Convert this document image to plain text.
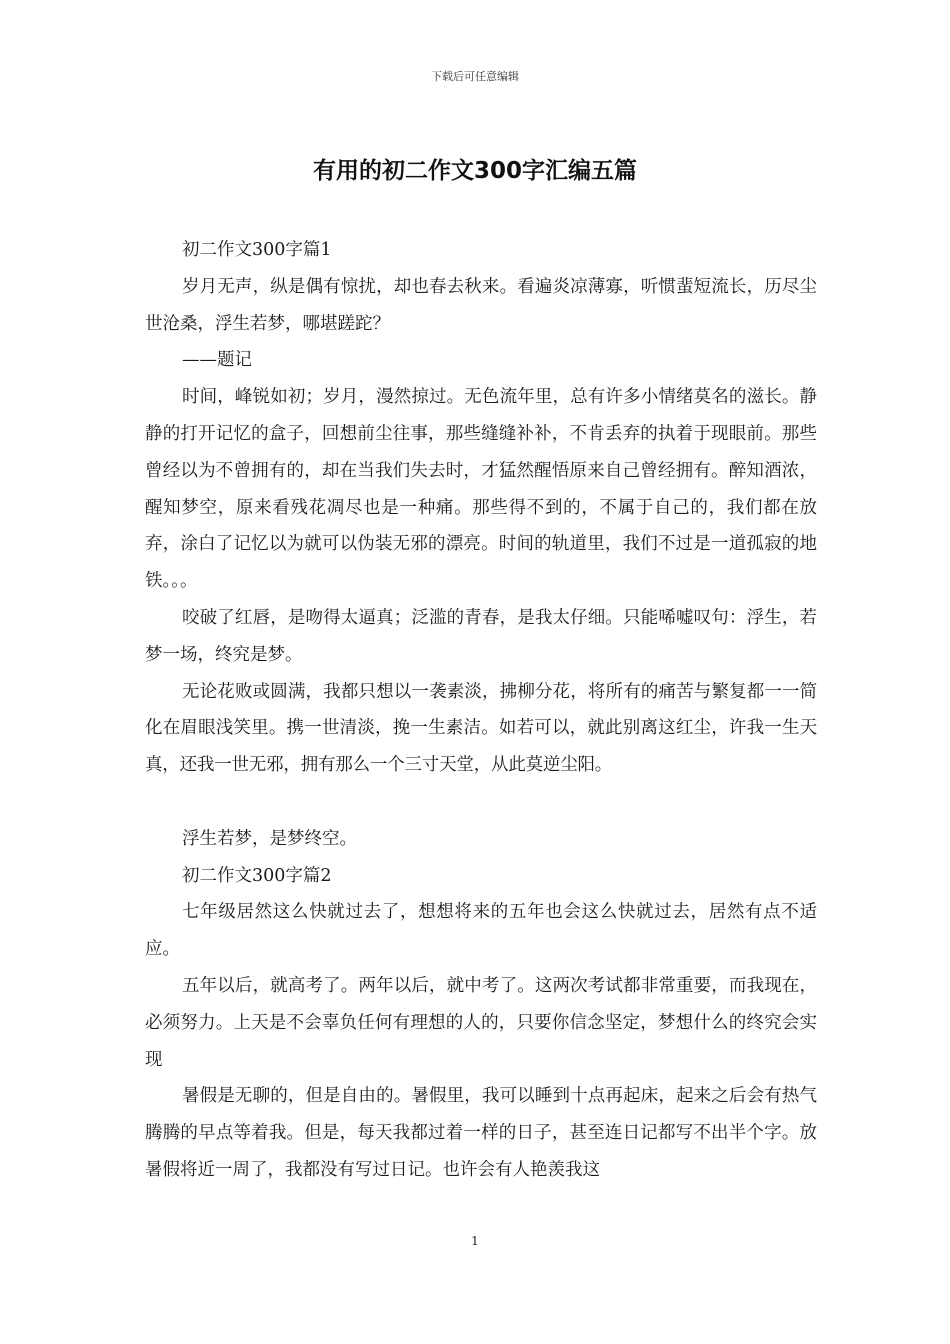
下载后可任意编辑
有用的初二作文300字汇编五篇

初二作文300字篇1

岁月无声，纵是偶有惊扰，却也春去秋来。看遍炎凉薄寡，听惯蜚短流长，历尽尘世沧桑，浮生若梦，哪堪蹉跎？

——题记

时间，峰锐如初；岁月，漫然掠过。无色流年里，总有许多小情绪莫名的滋长。静静的打开记忆的盒子，回想前尘往事，那些缝缝补补，不肯丢弃的执着于现眼前。那些曾经以为不曾拥有的，却在当我们失去时，才猛然醒悟原来自己曾经拥有。醉知酒浓，醒知梦空，原来看残花凋尽也是一种痛。那些得不到的，不属于自己的，我们都在放弃，涂白了记忆以为就可以伪装无邪的漂亮。时间的轨道里，我们不过是一道孤寂的地铁。。。

咬破了红唇，是吻得太逼真；泛滥的青春，是我太仔细。只能唏嘘叹句：浮生，若梦一场，终究是梦。

无论花败或圆满，我都只想以一袭素淡，拂柳分花，将所有的痛苦与繁复都一一简化在眉眼浅笑里。携一世清淡，挽一生素洁。如若可以，就此别离这红尘，许我一生天真，还我一世无邪，拥有那么一个三寸天堂，从此莫逆尘阳。

浮生若梦，是梦终空。

初二作文300字篇2

七年级居然这么快就过去了，想想将来的五年也会这么快就过去，居然有点不适应。

五年以后，就高考了。两年以后，就中考了。这两次考试都非常重要，而我现在，必须努力。上天是不会辜负任何有理想的人的，只要你信念坚定，梦想什么的终究会实现

暑假是无聊的，但是自由的。暑假里，我可以睡到十点再起床，起来之后会有热气腾腾的早点等着我。但是，每天我都过着一样的日子，甚至连日记都写不出半个字。放暑假将近一周了，我都没有写过日记。也许会有人艳羡我这

1
